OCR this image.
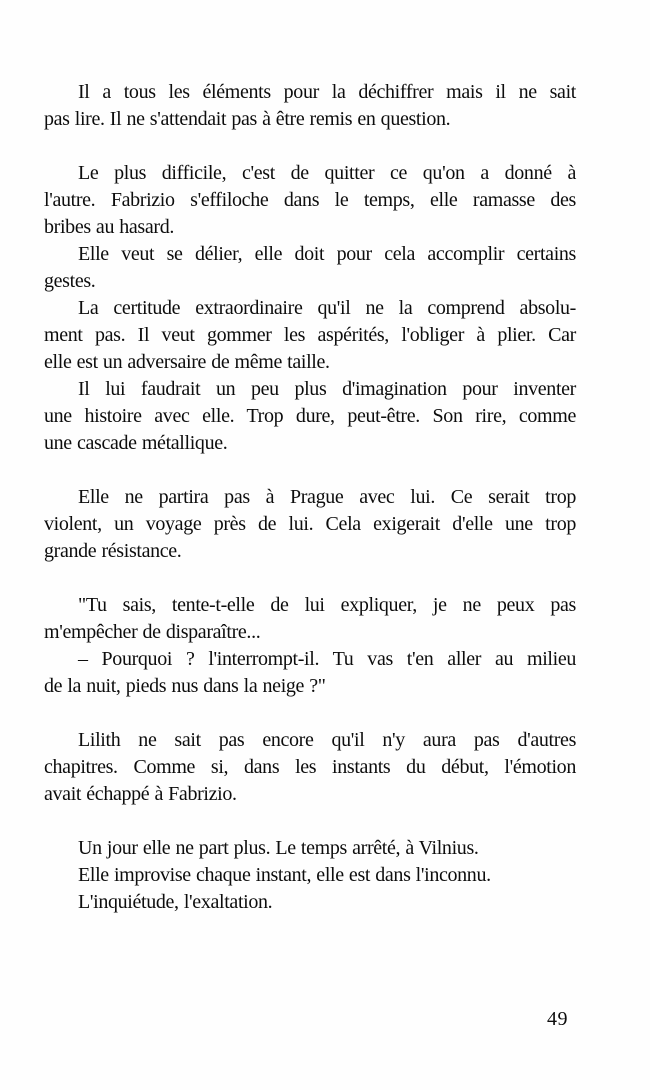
Il a tous les éléments pour la déchiffrer mais il ne sait
pas lire. Il ne s'attendait pas à être remis en question.

Le plus difficile, c'est de quitter ce qu'on a donné à
l'autre. Fabrizio s'effiloche dans le temps, elle ramasse des
bribes au hasard.

Elle veut se délier, elle doit pour cela accomplir certains
gestes.

La certitude extraordinaire qu'il ne la comprend absolu-
ment pas. Il veut gommer les aspérités, l'obliger à plier. Car
elle est un adversaire de même taille.

Il lui faudrait un peu plus d'imagination pour inventer
une histoire avec elle. Trop dure, peut-être. Son rire, comme
une cascade métallique.

Elle ne partira pas à Prague avec lui. Ce serait trop
violent, un voyage près de lui. Cela exigerait d'elle une trop
grande résistance.

"Tu sais, tente-t-elle de lui expliquer, je ne peux pas
m'empêcher de disparaître...

– Pourquoi ? l'interrompt-il. Tu vas t'en aller au milieu
de la nuit, pieds nus dans la neige ?"

Lilith ne sait pas encore qu'il n'y aura pas d'autres
chapitres. Comme si, dans les instants du début, l'émotion
avait échappé à Fabrizio.

Un jour elle ne part plus. Le temps arrêté, à Vilnius.

Elle improvise chaque instant, elle est dans l'inconnu.

L'inquiétude, l'exaltation.

49
